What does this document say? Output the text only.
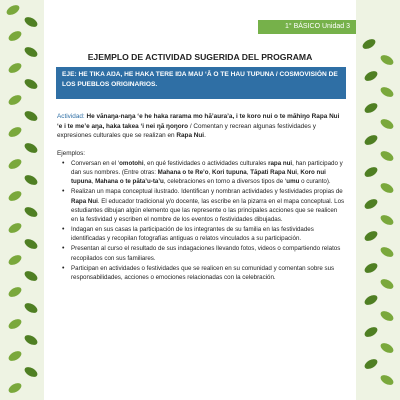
1° BÁSICO Unidad 3
EJEMPLO DE ACTIVIDAD SUGERIDA DEL PROGRAMA
EJE: HE TIKA AŊA, HE HAKA TERE IŊA MAU ‘Ā O TE HAU TUPUNA / COSMOVISIÓN DE LOS PUEBLOS ORIGINARIOS.

Actividad: He vānaŋa-naŋa ‘e he haka rarama mo hā’aura’a, i te koro nui o te māhiŋo Rapa Nui ‘e i te me’e aŋa, haka takea ‘i nei ŋā ŋoŋoro / Comentan y recrean algunas festividades y expresiones culturales que se realizan en Rapa Nui.

Ejemplos:

• Conversan en el ‘omotohi, en qué festividades o actividades culturales rapa nui, han participado y dan sus nombres. (Entre otras: Mahana o te Re’o, Kori tupuna, Tāpati Rapa Nui, Koro nui tupuna, Mahana o te pāta’u-ta’u, celebraciones en torno a diversos tipos de ‘umu o curanto).
• Realizan un mapa conceptual ilustrado. Identifican y nombran actividades y festividades propias de Rapa Nui. El educador tradicional y/o docente, las escribe en la pizarra en el mapa conceptual. Los estudiantes dibujan algún elemento que las represente o las principales acciones que se realicen en la festividad y escriben el nombre de los eventos o festividades dibujadas.
• Indagan en sus casas la participación de los integrantes de su familia en las festividades identificadas y recopilan fotografías antiguas o relatos vinculados a su participación.
• Presentan al curso el resultado de sus indagaciones llevando fotos, videos o compartiendo relatos recopilados con sus familiares.
• Participan en actividades o festividades que se realicen en su comunidad y comentan sobre sus responsabilidades, acciones o emociones relacionadas con la celebración.
